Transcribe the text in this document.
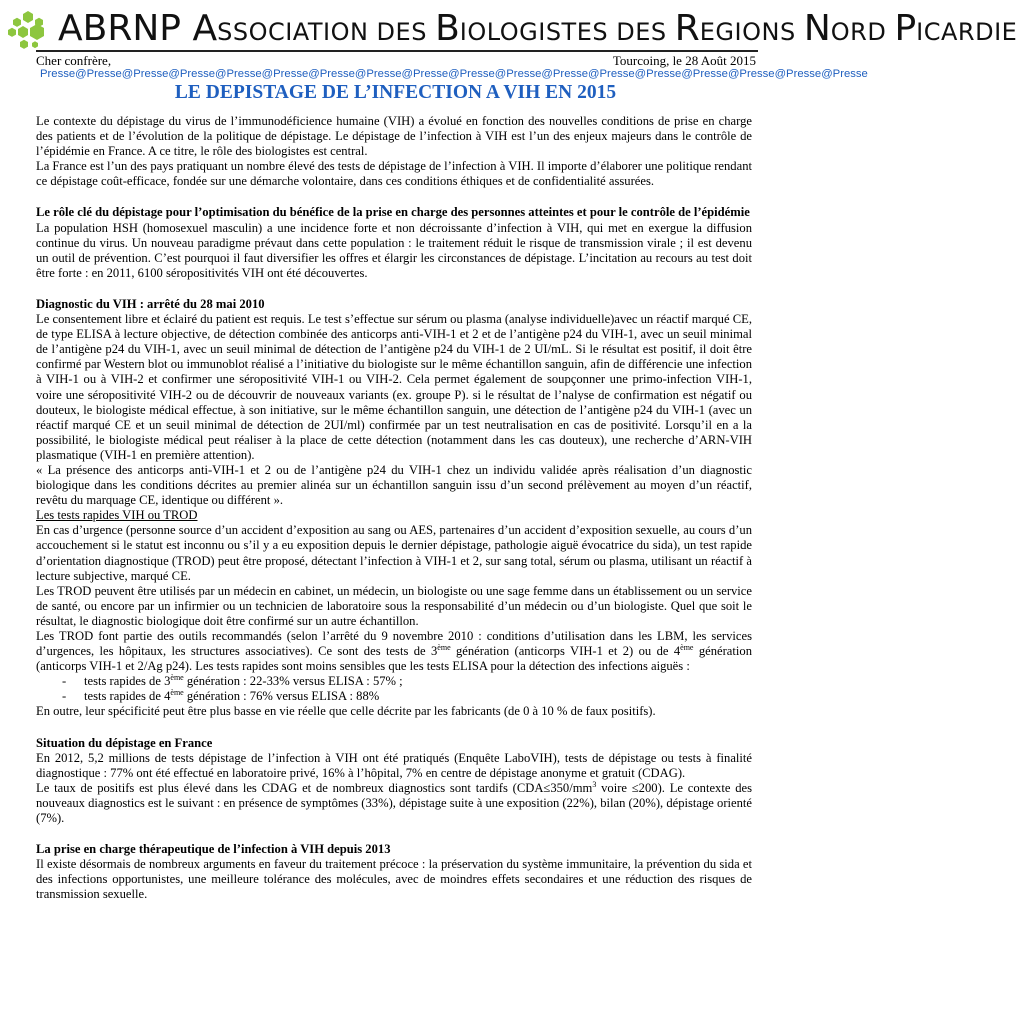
ABRNP ASSOCIATION DES BIOLOGISTES DES REGIONS NORD PICARDIE
Cher confrère,	Tourcoing, le 28 Août 2015
Presse@Presse@Presse@Presse@Presse@Presse@Presse@Presse@Presse@Presse@Presse@Presse@Presse@Presse@Presse@Presse@Presse@Presse
LE DEPISTAGE DE L’INFECTION A VIH EN 2015

Le contexte du dépistage du virus de l’immunodéficience humaine (VIH) a évolué en fonction des nouvelles conditions de prise en charge des patients et de l’évolution de la politique de dépistage. Le dépistage de l’infection à VIH est l’un des enjeux majeurs dans le contrôle de l’épidémie en France. A ce titre, le rôle des biologistes est central.

La France est l’un des pays pratiquant un nombre élevé des tests de dépistage de l’infection à VIH. Il importe d’élaborer une politique rendant ce dépistage coût-efficace, fondée sur une démarche volontaire, dans ces conditions éthiques et de confidentialité assurées.

Le rôle clé du dépistage pour l’optimisation du bénéfice de la prise en charge des personnes atteintes et pour le contrôle de l’épidémie

La population HSH (homosexuel masculin) a une incidence forte et non décroissante d’infection à VIH, qui met en exergue la diffusion continue du virus. Un nouveau paradigme prévaut dans cette population : le traitement réduit le risque de transmission virale ; il est devenu un outil de prévention. C’est pourquoi il faut diversifier les offres et élargir les circonstances de dépistage. L’incitation au recours au test doit être forte : en 2011, 6100 séropositivités VIH ont été découvertes.

Diagnostic du VIH : arrêté du 28 mai 2010

Le consentement libre et éclairé du patient est requis. Le test s’effectue sur sérum ou plasma (analyse individuelle)avec un réactif marqué CE, de type ELISA à lecture objective, de détection combinée des anticorps anti-VIH-1 et 2 et de l’antigène p24 du VIH-1, avec un seuil minimal de l’antigène p24 du VIH-1, avec un seuil minimal de détection de l’antigène p24 du VIH-1 de 2 UI/mL. Si le résultat est positif, il doit être confirmé par Western blot ou immunoblot réalisé a l’initiative du biologiste sur le même échantillon sanguin, afin de différencie une infection à VIH-1 ou à VIH-2 et confirmer une séropositivité VIH-1 ou VIH-2. Cela permet également de soupçonner une primo-infection VIH-1, voire une séropositivité VIH-2 ou de découvrir de nouveaux variants (ex. groupe P). si le résultat de l’nalyse de confirmation est négatif ou douteux, le biologiste médical effectue, à son initiative, sur le même échantillon sanguin, une détection de l’antigène p24 du VIH-1 (avec un réactif marqué CE et un seuil minimal de détection de 2UI/ml) confirmée par un test neutralisation en cas de positivité. Lorsqu’il en a la possibilité, le biologiste médical peut réaliser à la place de cette détection (notamment dans les cas douteux), une recherche d’ARN-VIH plasmatique (VIH-1 en première attention).

« La présence des anticorps anti-VIH-1 et 2 ou de l’antigène p24 du VIH-1 chez un individu validée après réalisation d’un diagnostic biologique dans les conditions décrites au premier alinéa sur un échantillon sanguin issu d’un second prélèvement au moyen d’un réactif, revêtu du marquage CE, identique ou différent ».

Les tests rapides VIH ou TROD

En cas d’urgence (personne source d’un accident d’exposition au sang ou AES, partenaires d’un accident d’exposition sexuelle, au cours d’un accouchement si le statut est inconnu ou s’il y a eu exposition depuis le dernier dépistage, pathologie aiguë évocatrice du sida), un test rapide d’orientation diagnostique (TROD) peut être proposé, détectant l’infection à VIH-1 et 2, sur sang total, sérum ou plasma, utilisant un réactif à lecture subjective, marqué CE.

Les TROD peuvent être utilisés par un médecin en cabinet, un médecin, un biologiste ou une sage femme dans un établissement ou un service de santé, ou encore par un infirmier ou un technicien de laboratoire sous la responsabilité d’un médecin ou d’un biologiste. Quel que soit le résultat, le diagnostic biologique doit être confirmé sur un autre échantillon.

Les TROD font partie des outils recommandés (selon l’arrêté du 9 novembre 2010 : conditions d’utilisation dans les LBM, les services d’urgences, les hôpitaux, les structures associatives). Ce sont des tests de 3ème génération (anticorps VIH-1 et 2) ou de 4ème génération (anticorps VIH-1 et 2/Ag p24). Les tests rapides sont moins sensibles que les tests ELISA pour la détection des infections aiguës :

- tests rapides de 3ème génération : 22-33% versus ELISA : 57% ;

- tests rapides de 4ème génération : 76% versus ELISA : 88%

En outre, leur spécificité peut être plus basse en vie réelle que celle décrite par les fabricants (de 0 à 10 % de faux positifs).

Situation du dépistage en France

En 2012, 5,2 millions de tests dépistage de l’infection à VIH ont été pratiqués (Enquête LaboVIH), tests de dépistage ou tests à finalité diagnostique : 77% ont été effectué en laboratoire privé, 16% à l’hôpital, 7% en centre de dépistage anonyme et gratuit (CDAG).

Le taux de positifs est plus élevé dans les CDAG et de nombreux diagnostics sont tardifs ($CDA\le 350/mm^3$ voire ≤200). Le contexte des nouveaux diagnostics est le suivant : en présence de symptômes (33%), dépistage suite à une exposition (22%), bilan (20%), dépistage orienté (7%).

La prise en charge thérapeutique de l’infection à VIH depuis 2013

Il existe désormais de nombreux arguments en faveur du traitement précoce : la préservation du système immunitaire, la prévention du sida et des infections opportunistes, une meilleure tolérance des molécules, avec de moindres effets secondaires et une réduction des risques de transmission sexuelle.
